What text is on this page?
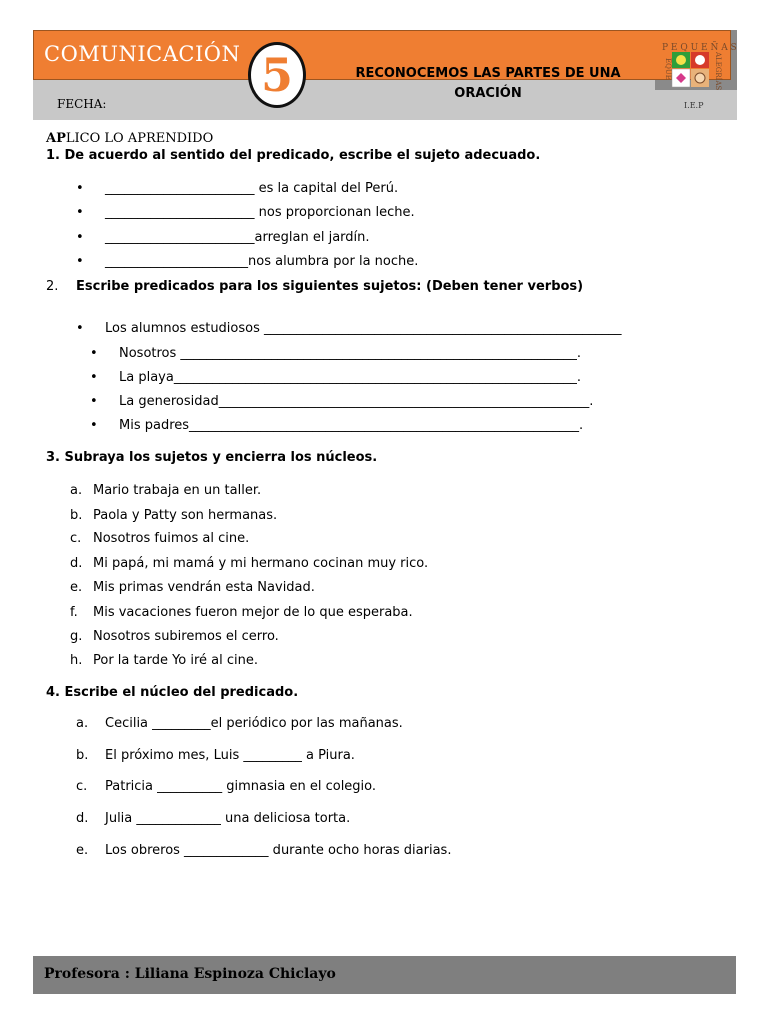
COMUNICACIÓN 5	RECONOCEMOS LAS PARTES DE UNA
ORACIÓN
FECHA:
P E Q U E Ñ A S
EQUE	ALEGRÍAS
I.E.P
APLICO LO APRENDIDO
1. De acuerdo al sentido del predicado, escribe el sujeto adecuado.
• _______________________ es la capital del Perú.
• _______________________ nos proporcionan leche.
• _______________________arreglan el jardín.
• ______________________nos alumbra por la noche.
2. Escribe predicados para los siguientes sujetos: (Deben tener verbos)
• Los alumnos estudiosos _______________________________________________________
• Nosotros _____________________________________________________________.
• La playa______________________________________________________________.
• La generosidad_________________________________________________________.
• Mis padres____________________________________________________________.
3. Subraya los sujetos y encierra los núcleos.
a. Mario trabaja en un taller.
b. Paola y Patty son hermanas.
c. Nosotros fuimos al cine.
d. Mi papá, mi mamá y mi hermano cocinan muy rico.
e. Mis primas vendrán esta Navidad.
f. Mis vacaciones fueron mejor de lo que esperaba.
g. Nosotros subiremos el cerro.
h. Por la tarde Yo iré al cine.
4. Escribe el núcleo del predicado.
a. Cecilia _________el periódico por las mañanas.
b. El próximo mes, Luis _________ a Piura.
c. Patricia __________ gimnasia en el colegio.
d. Julia _____________ una deliciosa torta.
e. Los obreros _____________ durante ocho horas diarias.
Profesora : Liliana Espinoza Chiclayo
